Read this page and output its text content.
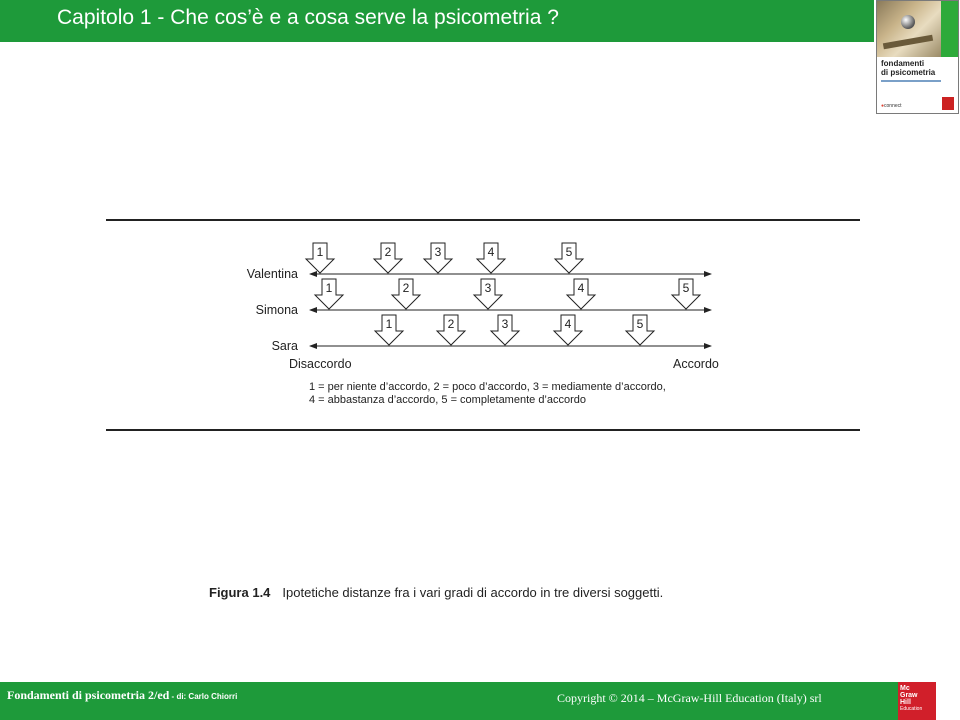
Capitolo 1 - Che cos’è e a cosa serve la psicometria ?
fondamenti
di psicometria
●connect
Valentina
1	2	3	4	5
Simona
1	2	3	4	5
Sara
1	2	3	4	5
Disaccordo	Accordo
1 = per niente d’accordo, 2 = poco d’accordo, 3 = mediamente d’accordo,
4 = abbastanza d’accordo, 5 = completamente d’accordo
Figura 1.4 Ipotetiche distanze fra i vari gradi di accordo in tre diversi soggetti.
Fondamenti di psicometria 2/ed - di: Carlo Chiorri	Copyright © 2014 – McGraw-Hill Education (Italy) srl
Mc
Graw
Hill
Education
